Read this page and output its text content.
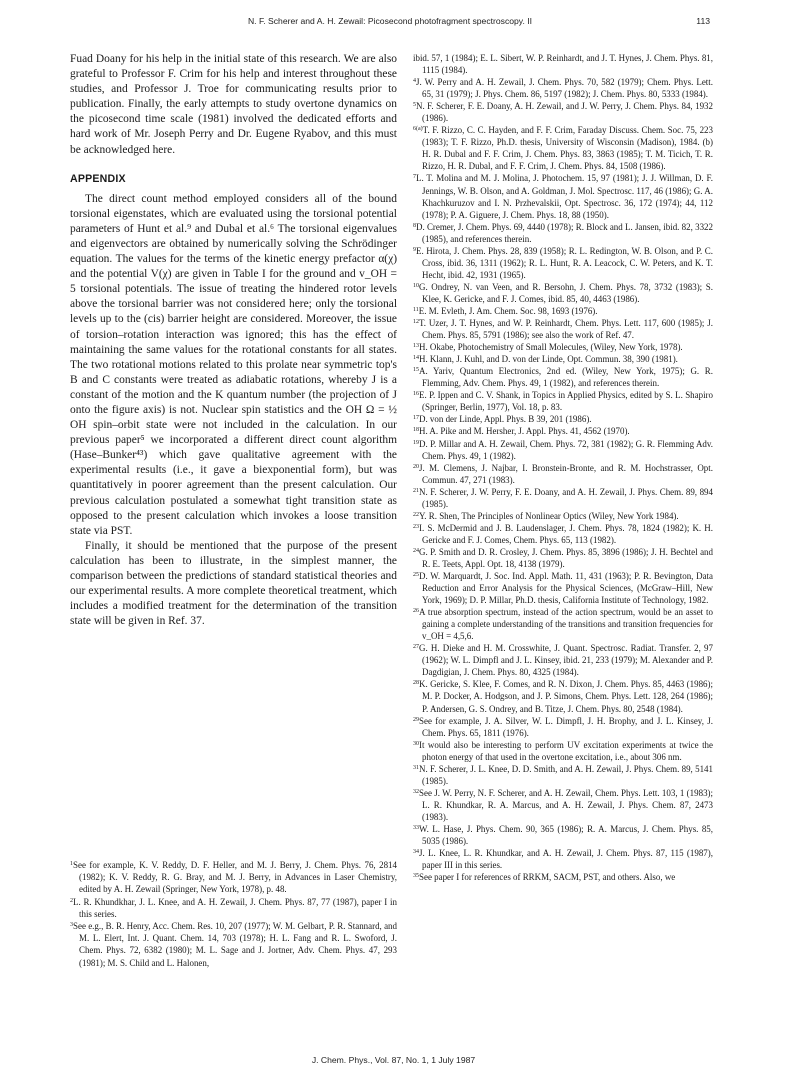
N. F. Scherer and A. H. Zewail: Picosecond photofragment spectroscopy. II	113

Fuad Doany for his help in the initial state of this research. We are also grateful to Professor F. Crim for his help and interest throughout these studies, and Professor J. Troe for communicating results prior to publication. Finally, the early attempts to study overtone dynamics on the picosecond time scale (1981) involved the dedicated efforts and hard work of Mr. Joseph Perry and Dr. Eugene Ryabov, and this must be acknowledged here.

APPENDIX

The direct count method employed considers all of the bound torsional eigenstates, which are evaluated using the torsional potential parameters of Hunt et al.⁹ and Dubal et al.⁶ The torsional eigenvalues and eigenvectors are obtained by numerically solving the Schrödinger equation. The values for the terms of the kinetic energy prefactor α(χ) and the potential V(χ) are given in Table I for the ground and v_OH = 5 torsional potentials. The issue of treating the hindered rotor levels above the torsional barrier was not considered here; only the torsional levels up to the (cis) barrier height are considered. Moreover, the issue of torsion–rotation interaction was ignored; this has the effect of maintaining the same values for the rotational constants for all states. The two rotational motions related to this prolate near symmetric top's B and C constants were treated as adiabatic rotations, whereby J is a constant of the motion and the K quantum number (the projection of J onto the figure axis) is not. Nuclear spin statistics and the OH Ω = ½ OH spin–orbit state were not included in the calculation. In our previous paper⁵ we incorporated a different direct count algorithm (Hase–Bunker⁴³) which gave qualitative agreement with the experimental results (i.e., it gave a biexponential form), but was quantitatively in poorer agreement than the present calculation. Our previous calculation postulated a somewhat tight transition state as opposed to the present calculation which invokes a loose transition state via PST.

Finally, it should be mentioned that the purpose of the present calculation has been to illustrate, in the simplest manner, the comparison between the predictions of standard statistical theories and our experimental results. A more complete theoretical treatment, which includes a modified treatment for the determination of the transition state will be given in Ref. 37.

$^1$See for example, K. V. Reddy, D. F. Heller, and M. J. Berry, J. Chem. Phys. 76, 2814 (1982); K. V. Reddy, R. G. Bray, and M. J. Berry, in Advances in Laser Chemistry, edited by A. H. Zewail (Springer, New York, 1978), p. 48.

$^2$L. R. Khundkhar, J. L. Knee, and A. H. Zewail, J. Chem. Phys. 87, 77 (1987), paper I in this series.

$^3$See e.g., B. R. Henry, Acc. Chem. Res. 10, 207 (1977); W. M. Gelbart, P. R. Stannard, and M. L. Elert, Int. J. Quant. Chem. 14, 703 (1978); H. L. Fang and R. L. Swoford, J. Chem. Phys. 72, 6382 (1980); M. L. Sage and J. Jortner, Adv. Chem. Phys. 47, 293 (1981); M. S. Child and L. Halonen,

ibid. 57, 1 (1984); E. L. Sibert, W. P. Reinhardt, and J. T. Hynes, J. Chem. Phys. 81, 1115 (1984).

$^4$J. W. Perry and A. H. Zewail, J. Chem. Phys. 70, 582 (1979); Chem. Phys. Lett. 65, 31 (1979); J. Phys. Chem. 86, 5197 (1982); J. Chem. Phys. 80, 5333 (1984).

$^5$N. F. Scherer, F. E. Doany, A. H. Zewail, and J. W. Perry, J. Chem. Phys. 84, 1932 (1986).

$^{6(a)}$T. F. Rizzo, C. C. Hayden, and F. F. Crim, Faraday Discuss. Chem. Soc. 75, 223 (1983); T. F. Rizzo, Ph.D. thesis, University of Wisconsin (Madison), 1984. (b) H. R. Dubal and F. F. Crim, J. Chem. Phys. 83, 3863 (1985); T. M. Ticich, T. R. Rizzo, H. R. Dubal, and F. F. Crim, J. Chem. Phys. 84, 1508 (1986).

$^7$L. T. Molina and M. J. Molina, J. Photochem. 15, 97 (1981); J. J. Willman, D. F. Jennings, W. B. Olson, and A. Goldman, J. Mol. Spectrosc. 117, 46 (1986); G. A. Khachkuruzov and I. N. Przhevalskii, Opt. Spectrosc. 36, 172 (1974); 44, 112 (1978); P. A. Giguere, J. Chem. Phys. 18, 88 (1950).

$^8$D. Cremer, J. Chem. Phys. 69, 4440 (1978); R. Block and L. Jansen, ibid. 82, 3322 (1985), and references therein.

$^9$E. Hirota, J. Chem. Phys. 28, 839 (1958); R. L. Redington, W. B. Olson, and P. C. Cross, ibid. 36, 1311 (1962); R. L. Hunt, R. A. Leacock, C. W. Peters, and K. T. Hecht, ibid. 42, 1931 (1965).

$^{10}$G. Ondrey, N. van Veen, and R. Bersohn, J. Chem. Phys. 78, 3732 (1983); S. Klee, K. Gericke, and F. J. Comes, ibid. 85, 40, 4463 (1986).

$^{11}$E. M. Evleth, J. Am. Chem. Soc. 98, 1693 (1976).

$^{12}$T. Uzer, J. T. Hynes, and W. P. Reinhardt, Chem. Phys. Lett. 117, 600 (1985); J. Chem. Phys. 85, 5791 (1986); see also the work of Ref. 47.

$^{13}$H. Okabe, Photochemistry of Small Molecules, (Wiley, New York, 1978).

$^{14}$H. Klann, J. Kuhl, and D. von der Linde, Opt. Commun. 38, 390 (1981).

$^{15}$A. Yariv, Quantum Electronics, 2nd ed. (Wiley, New York, 1975); G. R. Flemming, Adv. Chem. Phys. 49, 1 (1982), and references therein.

$^{16}$E. P. Ippen and C. V. Shank, in Topics in Applied Physics, edited by S. L. Shapiro (Springer, Berlin, 1977), Vol. 18, p. 83.

$^{17}$D. von der Linde, Appl. Phys. B 39, 201 (1986).

$^{18}$H. A. Pike and M. Hersher, J. Appl. Phys. 41, 4562 (1970).

$^{19}$D. P. Millar and A. H. Zewail, Chem. Phys. 72, 381 (1982); G. R. Flemming Adv. Chem. Phys. 49, 1 (1982).

$^{20}$J. M. Clemens, J. Najbar, I. Bronstein-Bronte, and R. M. Hochstrasser, Opt. Commun. 47, 271 (1983).

$^{21}$N. F. Scherer, J. W. Perry, F. E. Doany, and A. H. Zewail, J. Phys. Chem. 89, 894 (1985).

$^{22}$Y. R. Shen, The Principles of Nonlinear Optics (Wiley, New York 1984).

$^{23}$I. S. McDermid and J. B. Laudenslager, J. Chem. Phys. 78, 1824 (1982); K. H. Gericke and F. J. Comes, Chem. Phys. 65, 113 (1982).

$^{24}$G. P. Smith and D. R. Crosley, J. Chem. Phys. 85, 3896 (1986); J. H. Bechtel and R. E. Teets, Appl. Opt. 18, 4138 (1979).

$^{25}$D. W. Marquardt, J. Soc. Ind. Appl. Math. 11, 431 (1963); P. R. Bevington, Data Reduction and Error Analysis for the Physical Sciences, (McGraw–Hill, New York, 1969); D. P. Millar, Ph.D. thesis, California Institute of Technology, 1982.

$^{26}$A true absorption spectrum, instead of the action spectrum, would be an asset to gaining a complete understanding of the transitions and transition frequencies for v_OH = 4,5,6.

$^{27}$G. H. Dieke and H. M. Crosswhite, J. Quant. Spectrosc. Radiat. Transfer. 2, 97 (1962); W. L. Dimpfl and J. L. Kinsey, ibid. 21, 233 (1979); M. Alexander and P. Dagdigian, J. Chem. Phys. 80, 4325 (1984).

$^{28}$K. Gericke, S. Klee, F. Comes, and R. N. Dixon, J. Chem. Phys. 85, 4463 (1986); M. P. Docker, A. Hodgson, and J. P. Simons, Chem. Phys. Lett. 128, 264 (1986); P. Andersen, G. S. Ondrey, and B. Titze, J. Chem. Phys. 80, 2548 (1984).

$^{29}$See for example, J. A. Silver, W. L. Dimpfl, J. H. Brophy, and J. L. Kinsey, J. Chem. Phys. 65, 1811 (1976).

$^{30}$It would also be interesting to perform UV excitation experiments at twice the photon energy of that used in the overtone excitation, i.e., about 306 nm.

$^{31}$N. F. Scherer, J. L. Knee, D. D. Smith, and A. H. Zewail, J. Phys. Chem. 89, 5141 (1985).

$^{32}$See J. W. Perry, N. F. Scherer, and A. H. Zewail, Chem. Phys. Lett. 103, 1 (1983); L. R. Khundkar, R. A. Marcus, and A. H. Zewail, J. Phys. Chem. 87, 2473 (1983).

$^{33}$W. L. Hase, J. Phys. Chem. 90, 365 (1986); R. A. Marcus, J. Chem. Phys. 85, 5035 (1986).

$^{34}$J. L. Knee, L. R. Khundkar, and A. H. Zewail, J. Chem. Phys. 87, 115 (1987), paper III in this series.

$^{35}$See paper I for references of RRKM, SACM, PST, and others. Also, we

J. Chem. Phys., Vol. 87, No. 1, 1 July 1987
